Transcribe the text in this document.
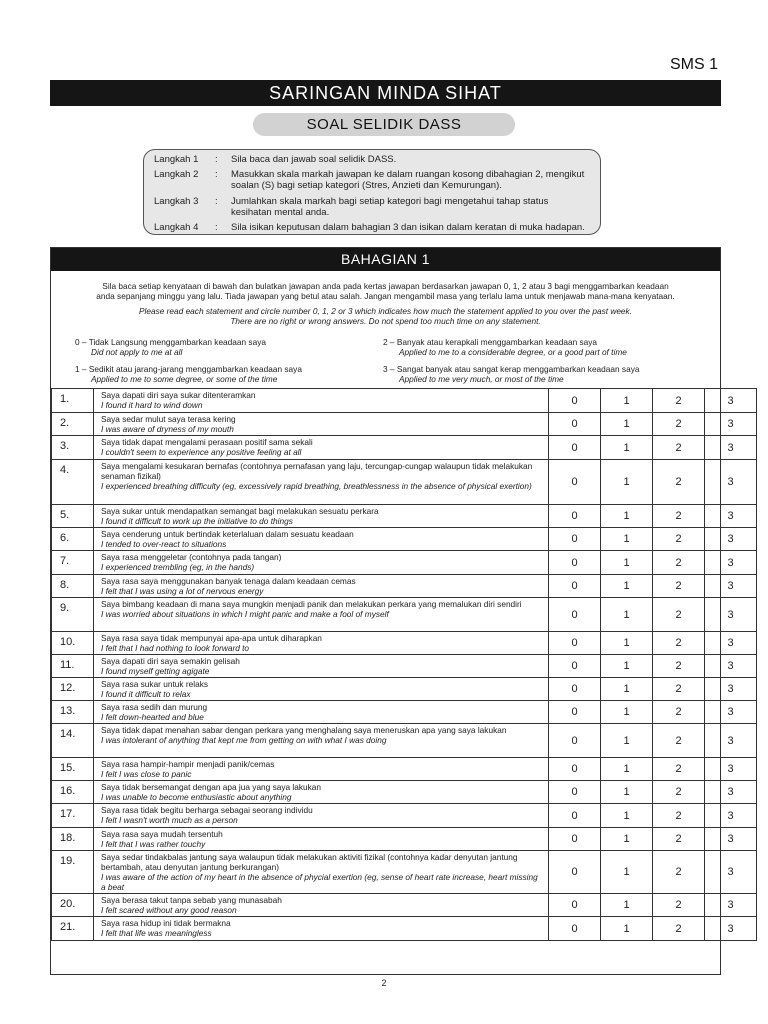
SMS 1
SARINGAN MINDA SIHAT
SOAL SELIDIK DASS
Langkah 1	: Sila baca dan jawab soal selidik DASS.
Langkah 2	: Masukkan skala markah jawapan ke dalam ruangan kosong dibahagian 2, mengikut soalan (S) bagi setiap kategori (Stres, Anzieti dan Kemurungan).
Langkah 3	: Jumlahkan skala markah bagi setiap kategori bagi mengetahui tahap status kesihatan mental anda.
Langkah 4	: Sila isikan keputusan dalam bahagian 3 dan isikan dalam keratan di muka hadapan.
BAHAGIAN 1
Sila baca setiap kenyataan di bawah dan bulatkan jawapan anda pada kertas jawapan berdasarkan jawapan 0, 1, 2 atau 3 bagi menggambarkan keadaan
anda sepanjang minggu yang lalu. Tiada jawapan yang betul atau salah. Jangan mengambil masa yang terlalu lama untuk menjawab mana-mana kenyataan.
Please read each statement and circle number 0, 1, 2 or 3 which indicates how much the statement applied to you over the past week.
There are no right or wrong answers. Do not spend too much time on any statement.
0 – Tidak Langsung menggambarkan keadaan saya
Did not apply to me at all
1 – Sedikit atau jarang-jarang menggambarkan keadaan saya
Applied to me to some degree, or some of the time
2 – Banyak atau kerapkali menggambarkan keadaan saya
Applied to me to a considerable degree, or a good part of time
3 – Sangat banyak atau sangat kerap menggambarkan keadaan saya
Applied to me very much, or most of the time
1.	Saya dapati diri saya sukar ditenteramkan
I found it hard to wind down	0	1	2	3
2.	Saya sedar mulut saya terasa kering
I was aware of dryness of my mouth	0	1	2	3
3.	Saya tidak dapat mengalami perasaan positif sama sekali
I couldn't seem to experience any positive feeling at all	0	1	2	3
4.	Saya mengalami kesukaran bernafas (contohnya pernafasan yang laju, tercungap-cungap walaupun tidak melakukan senaman fizikal)
I experienced breathing difficulty (eg, excessively rapid breathing, breathlessness in the absence of physical exertion)	0	1	2	3
5.	Saya sukar untuk mendapatkan semangat bagi melakukan sesuatu perkara
I found it difficult to work up the initiative to do things	0	1	2	3
6.	Saya cenderung untuk bertindak keterlaluan dalam sesuatu keadaan
I tended to over-react to situations	0	1	2	3
7.	Saya rasa menggeletar (contohnya pada tangan)
I experienced trembling (eg, in the hands)	0	1	2	3
8.	Saya rasa saya menggunakan banyak tenaga dalam keadaan cemas
I felt that I was using a lot of nervous energy	0	1	2	3
9.	Saya bimbang keadaan di mana saya mungkin menjadi panik dan melakukan perkara yang memalukan diri sendiri
I was worried about situations in which I might panic and make a fool of myself	0	1	2	3
10.	Saya rasa saya tidak mempunyai apa-apa untuk diharapkan
I felt that I had nothing to look forward to	0	1	2	3
11.	Saya dapati diri saya semakin gelisah
I found myself getting agigate	0	1	2	3
12.	Saya rasa sukar untuk relaks
I found it difficult to relax	0	1	2	3
13.	Saya rasa sedih dan murung
I felt down-hearted and blue	0	1	2	3
14.	Saya tidak dapat menahan sabar dengan perkara yang menghalang saya meneruskan apa yang saya lakukan
I was intolerant of anything that kept me from getting on with what I was doing	0	1	2	3
15.	Saya rasa hampir-hampir menjadi panik/cemas
I felt I was close to panic	0	1	2	3
16.	Saya tidak bersemangat dengan apa jua yang saya lakukan
I was unable to become enthusiastic about anything	0	1	2	3
17.	Saya rasa tidak begitu berharga sebagai seorang individu
I felt I wasn't worth much as a person	0	1	2	3
18.	Saya rasa saya mudah tersentuh
I felt that I was rather touchy	0	1	2	3
19.	Saya sedar tindakbalas jantung saya walaupun tidak melakukan aktiviti fizikal (contohnya kadar denyutan jantung bertambah, atau denyutan jantung berkurangan)
I was aware of the action of my heart in the absence of phycial exertion (eg, sense of heart rate increase, heart missing a beat	0	1	2	3
20.	Saya berasa takut tanpa sebab yang munasabah
I felt scared without any good reason	0	1	2	3
21.	Saya rasa hidup ini tidak bermakna
I felt that life was meaningless	0	1	2	3
2
